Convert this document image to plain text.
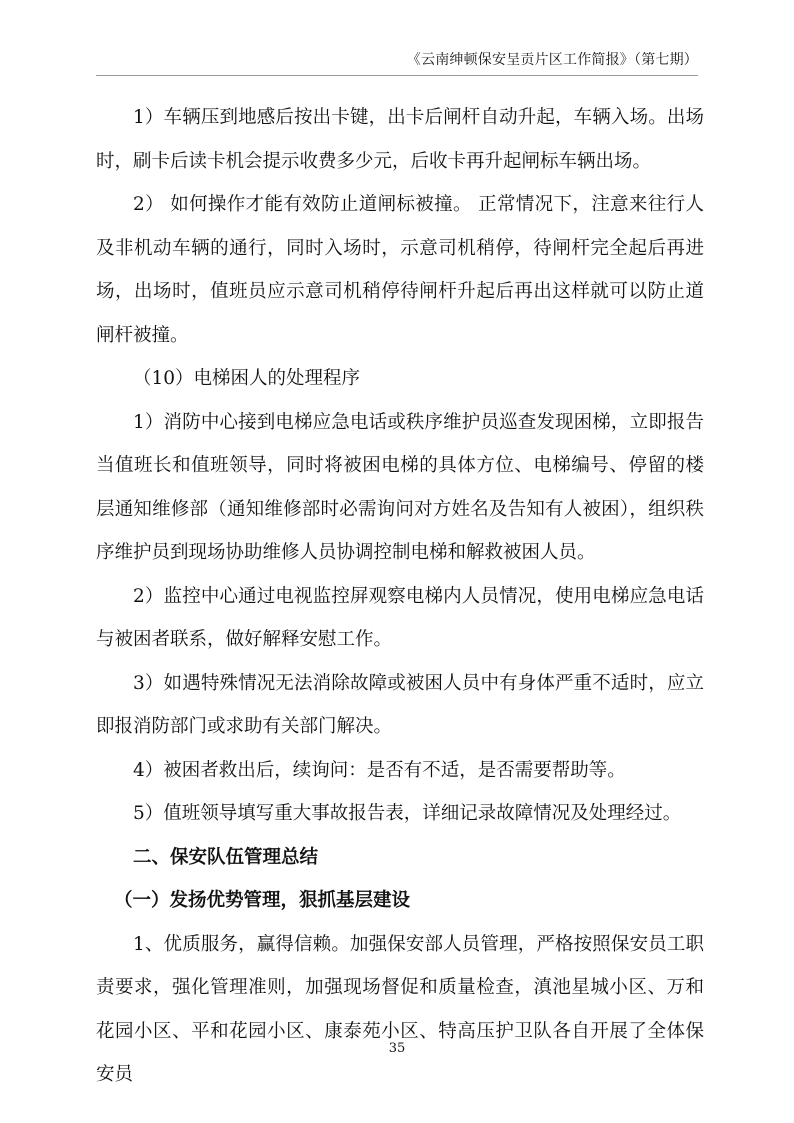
《云南绅顿保安呈贡片区工作简报》（第七期）

1）车辆压到地感后按出卡键，出卡后闸杆自动升起，车辆入场。出场时，刷卡后读卡机会提示收费多少元，后收卡再升起闸标车辆出场。

2） 如何操作才能有效防止道闸标被撞。 正常情况下，注意来往行人及非机动车辆的通行，同时入场时，示意司机稍停，待闸杆完全起后再进场，出场时，值班员应示意司机稍停待闸杆升起后再出这样就可以防止道闸杆被撞。

（10）电梯困人的处理程序

1）消防中心接到电梯应急电话或秩序维护员巡查发现困梯，立即报告当值班长和值班领导，同时将被困电梯的具体方位、电梯编号、停留的楼层通知维修部（通知维修部时必需询问对方姓名及告知有人被困），组织秩序维护员到现场协助维修人员协调控制电梯和解救被困人员。

2）监控中心通过电视监控屏观察电梯内人员情况，使用电梯应急电话与被困者联系，做好解释安慰工作。

3）如遇特殊情况无法消除故障或被困人员中有身体严重不适时，应立即报消防部门或求助有关部门解决。

4）被困者救出后，续询问：是否有不适，是否需要帮助等。

5）值班领导填写重大事故报告表，详细记录故障情况及处理经过。

二、保安队伍管理总结

（一）发扬优势管理，狠抓基层建设

1、优质服务，赢得信赖。加强保安部人员管理，严格按照保安员工职责要求，强化管理准则，加强现场督促和质量检查，滇池星城小区、万和花园小区、平和花园小区、康泰苑小区、特高压护卫队各自开展了全体保安员

35
